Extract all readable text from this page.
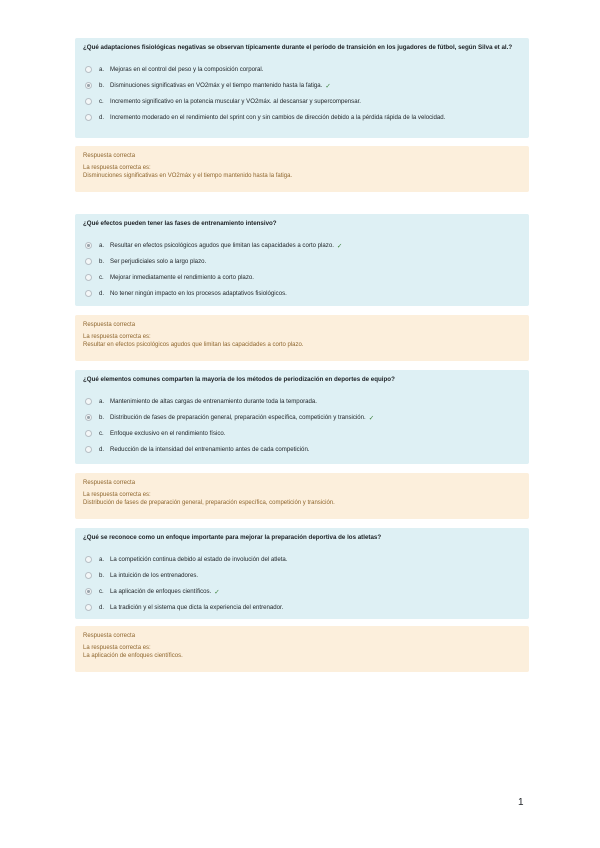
¿Qué adaptaciones fisiológicas negativas se observan típicamente durante el período de transición en los jugadores de fútbol, según Silva et al.?
a. Mejoras en el control del peso y la composición corporal.
b. Disminuciones significativas en VO2máx y el tiempo mantenido hasta la fatiga. ✓
c.	Incremento significativo en la potencia muscular y VO2máx. al descansar y supercompensar.
d. Incremento moderado en el rendimiento del sprint con y sin cambios de dirección debido a la pérdida rápida de la velocidad.
Respuesta correcta
La respuesta correcta es:
Disminuciones significativas en VO2máx y el tiempo mantenido hasta la fatiga.
¿Qué efectos pueden tener las fases de entrenamiento intensivo?
a. Resultar en efectos psicológicos agudos que limitan las capacidades a corto plazo. ✓
b. Ser perjudiciales solo a largo plazo.
c.	Mejorar inmediatamente el rendimiento a corto plazo.
d. No tener ningún impacto en los procesos adaptativos fisiológicos.
Respuesta correcta
La respuesta correcta es:
Resultar en efectos psicológicos agudos que limitan las capacidades a corto plazo.
¿Qué elementos comunes comparten la mayoría de los métodos de periodización en deportes de equipo?
a. Mantenimiento de altas cargas de entrenamiento durante toda la temporada.
b. Distribución de fases de preparación general, preparación específica, competición y transición. ✓
c.	Enfoque exclusivo en el rendimiento físico.
d. Reducción de la intensidad del entrenamiento antes de cada competición.
Respuesta correcta
La respuesta correcta es:
Distribución de fases de preparación general, preparación específica, competición y transición.
¿Qué se reconoce como un enfoque importante para mejorar la preparación deportiva de los atletas?
a. La competición continua debido al estado de involución del atleta.
b. La intuición de los entrenadores.
c.	La aplicación de enfoques científicos. ✓
d. La tradición y el sistema que dicta la experiencia del entrenador.
Respuesta correcta
La respuesta correcta es:
La aplicación de enfoques científicos.
1
